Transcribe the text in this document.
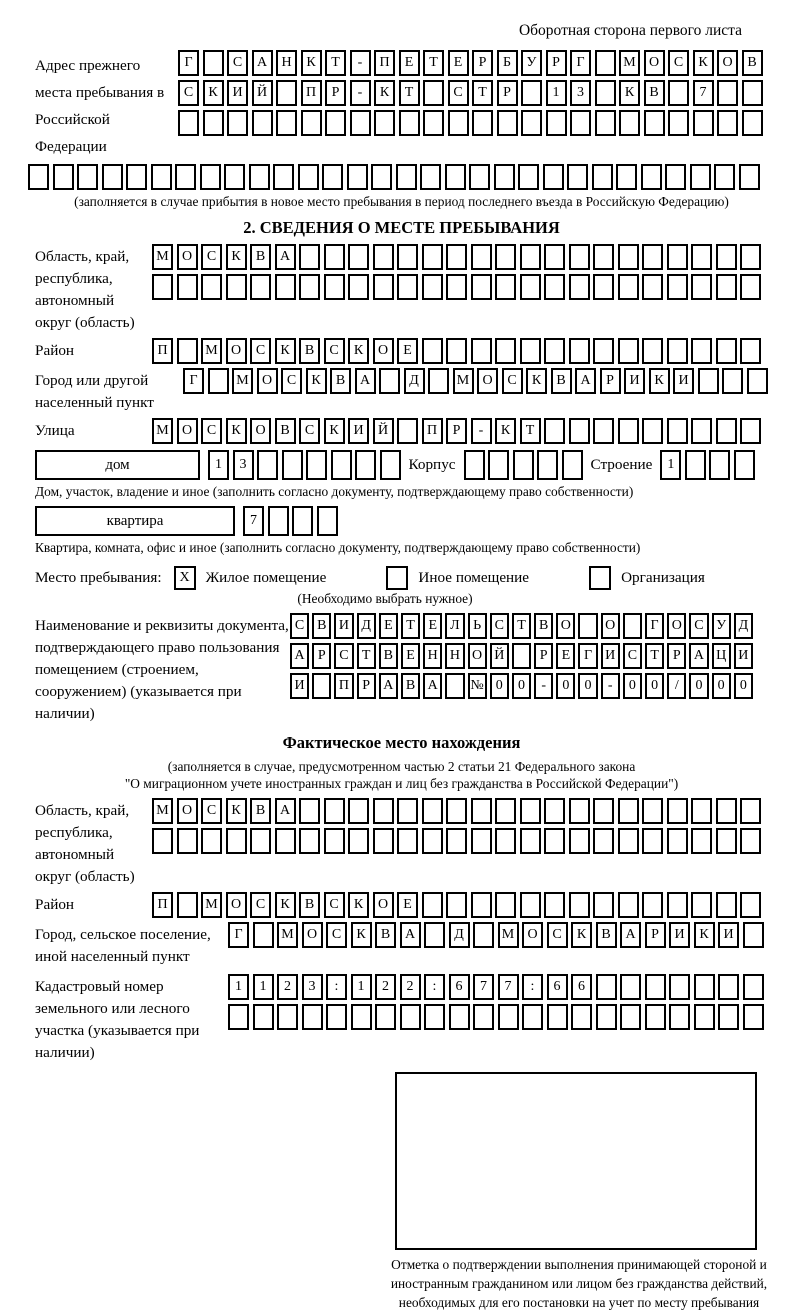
Оборотная сторона первого листа
Адрес прежнего места пребывания в Российской Федерации
Г	С	А	Н	К	Т	-	П	Е	Т	Е	Р	Б	У	Р	Г	М О	С	К	О	В
С	К	И	Й	П	Р	-	К	Т	С	Т	Р	1	3	К	В	7
(заполняется в случае прибытия в новое место пребывания в период последнего въезда в Российскую Федерацию)
2. СВЕДЕНИЯ О МЕСТЕ ПРЕБЫВАНИЯ
Область, край, республика, автономный округ (область)
М О	С	К	В	А
Район	П	М О	С	К	В	С	К	О	Е
Город или другой населенный пункт
Г	М О	С	К	В	А	Д	М О	С	К	В	А	Р	И	К	И
Улица	М О	С	К	О	В	С	К	И	Й	П	Р	-	К	Т
дом	1	3	Корпус	Строение	1
Дом, участок, владение и иное (заполнить согласно документу, подтверждающему право собственности)
квартира	7
Квартира, комната, офис и иное (заполнить согласно документу, подтверждающему право собственности)
Место пребывания:	X	Жилое помещение	Иное помещение	Организация
(Необходимо выбрать нужное)
Наименование и реквизиты документа, подтверждающего право пользования помещением (строением, сооружением) (указывается при наличии)
С В И Д Е Т Е Л Ь С Т В О	О	Г О С У Д
А Р С Т В Е Н Н О Й	Р	Е Г И С Т	Р А Ц И
И	П Р А В А	№ 0	0	-	0	0	-	0	0	/	0	0	0
Фактическое место нахождения
(заполняется в случае, предусмотренном частью 2 статьи 21 Федерального закона
"О миграционном учете иностранных граждан и лиц без гражданства в Российской Федерации")
Область, край, республика, автономный округ (область)
М О	С	К	В	А
Район	П	М О	С	К	В	С	К	О	Е
Город, сельское поселение, иной населенный пункт
Г	М О	С	К	В	А	Д	М О	С	К	В	А	Р	И	К	И
Кадастровый номер земельного или лесного участка (указывается при наличии)
1	1	2	3	:	1	2	2	:	6	7	7	:	6	6
Отметка о подтверждении выполнения принимающей стороной и иностранным гражданином или лицом без гражданства действий, необходимых для его постановки на учет по месту пребывания
